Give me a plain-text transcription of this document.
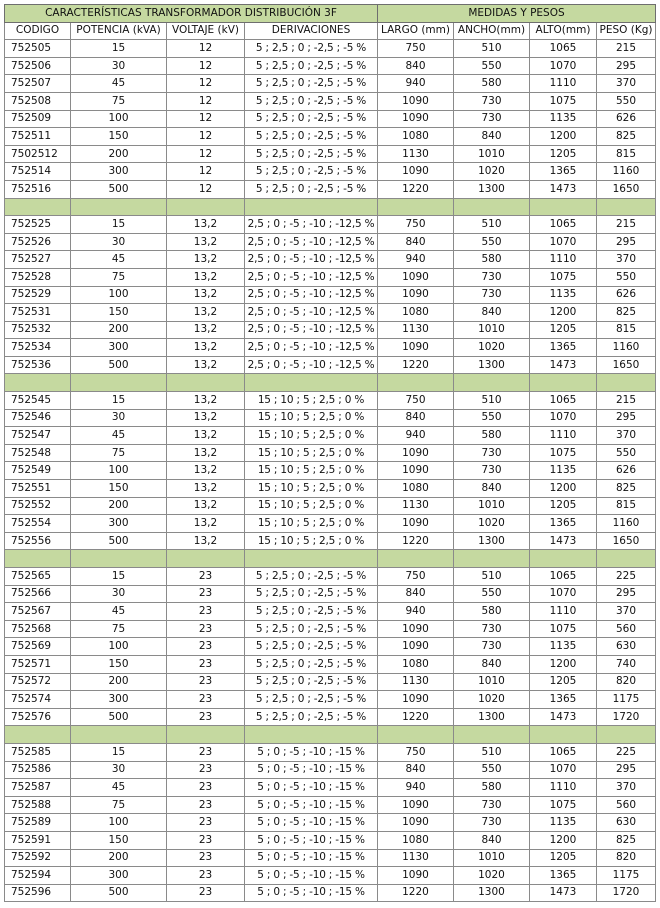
CARACTERÍSTICAS TRANSFORMADOR DISTRIBUCIÓN 3F				MEDIDAS Y PESOS			
CODIGO	POTENCIA (kVA)	VOLTAJE (kV)	DERIVACIONES	LARGO (mm)	ANCHO(mm)	ALTO(mm)	PESO (Kg)
752505	15	12	5 ; 2,5 ; 0 ; -2,5 ; -5 %	750	510	1065	215
752506	30	12	5 ; 2,5 ; 0 ; -2,5 ; -5 %	840	550	1070	295
752507	45	12	5 ; 2,5 ; 0 ; -2,5 ; -5 %	940	580	1110	370
752508	75	12	5 ; 2,5 ; 0 ; -2,5 ; -5 %	1090	730	1075	550
752509	100	12	5 ; 2,5 ; 0 ; -2,5 ; -5 %	1090	730	1135	626
752511	150	12	5 ; 2,5 ; 0 ; -2,5 ; -5 %	1080	840	1200	825
7502512	200	12	5 ; 2,5 ; 0 ; -2,5 ; -5 %	1130	1010	1205	815
752514	300	12	5 ; 2,5 ; 0 ; -2,5 ; -5 %	1090	1020	1365	1160
752516	500	12	5 ; 2,5 ; 0 ; -2,5 ; -5 %	1220	1300	1473	1650

752525	15	13,2	2,5 ; 0 ; -5 ; -10 ; -12,5 %	750	510	1065	215
752526	30	13,2	2,5 ; 0 ; -5 ; -10 ; -12,5 %	840	550	1070	295
752527	45	13,2	2,5 ; 0 ; -5 ; -10 ; -12,5 %	940	580	1110	370
752528	75	13,2	2,5 ; 0 ; -5 ; -10 ; -12,5 %	1090	730	1075	550
752529	100	13,2	2,5 ; 0 ; -5 ; -10 ; -12,5 %	1090	730	1135	626
752531	150	13,2	2,5 ; 0 ; -5 ; -10 ; -12,5 %	1080	840	1200	825
752532	200	13,2	2,5 ; 0 ; -5 ; -10 ; -12,5 %	1130	1010	1205	815
752534	300	13,2	2,5 ; 0 ; -5 ; -10 ; -12,5 %	1090	1020	1365	1160
752536	500	13,2	2,5 ; 0 ; -5 ; -10 ; -12,5 %	1220	1300	1473	1650

752545	15	13,2	15 ; 10 ; 5 ; 2,5 ; 0 %	750	510	1065	215
752546	30	13,2	15 ; 10 ; 5 ; 2,5 ; 0 %	840	550	1070	295
752547	45	13,2	15 ; 10 ; 5 ; 2,5 ; 0 %	940	580	1110	370
752548	75	13,2	15 ; 10 ; 5 ; 2,5 ; 0 %	1090	730	1075	550
752549	100	13,2	15 ; 10 ; 5 ; 2,5 ; 0 %	1090	730	1135	626
752551	150	13,2	15 ; 10 ; 5 ; 2,5 ; 0 %	1080	840	1200	825
752552	200	13,2	15 ; 10 ; 5 ; 2,5 ; 0 %	1130	1010	1205	815
752554	300	13,2	15 ; 10 ; 5 ; 2,5 ; 0 %	1090	1020	1365	1160
752556	500	13,2	15 ; 10 ; 5 ; 2,5 ; 0 %	1220	1300	1473	1650

752565	15	23	5 ; 2,5 ; 0 ; -2,5 ; -5 %	750	510	1065	225
752566	30	23	5 ; 2,5 ; 0 ; -2,5 ; -5 %	840	550	1070	295
752567	45	23	5 ; 2,5 ; 0 ; -2,5 ; -5 %	940	580	1110	370
752568	75	23	5 ; 2,5 ; 0 ; -2,5 ; -5 %	1090	730	1075	560
752569	100	23	5 ; 2,5 ; 0 ; -2,5 ; -5 %	1090	730	1135	630
752571	150	23	5 ; 2,5 ; 0 ; -2,5 ; -5 %	1080	840	1200	740
752572	200	23	5 ; 2,5 ; 0 ; -2,5 ; -5 %	1130	1010	1205	820
752574	300	23	5 ; 2,5 ; 0 ; -2,5 ; -5 %	1090	1020	1365	1175
752576	500	23	5 ; 2,5 ; 0 ; -2,5 ; -5 %	1220	1300	1473	1720

752585	15	23	5 ; 0 ; -5 ; -10 ; -15 %	750	510	1065	225
752586	30	23	5 ; 0 ; -5 ; -10 ; -15 %	840	550	1070	295
752587	45	23	5 ; 0 ; -5 ; -10 ; -15 %	940	580	1110	370
752588	75	23	5 ; 0 ; -5 ; -10 ; -15 %	1090	730	1075	560
752589	100	23	5 ; 0 ; -5 ; -10 ; -15 %	1090	730	1135	630
752591	150	23	5 ; 0 ; -5 ; -10 ; -15 %	1080	840	1200	825
752592	200	23	5 ; 0 ; -5 ; -10 ; -15 %	1130	1010	1205	820
752594	300	23	5 ; 0 ; -5 ; -10 ; -15 %	1090	1020	1365	1175
752596	500	23	5 ; 0 ; -5 ; -10 ; -15 %	1220	1300	1473	1720
